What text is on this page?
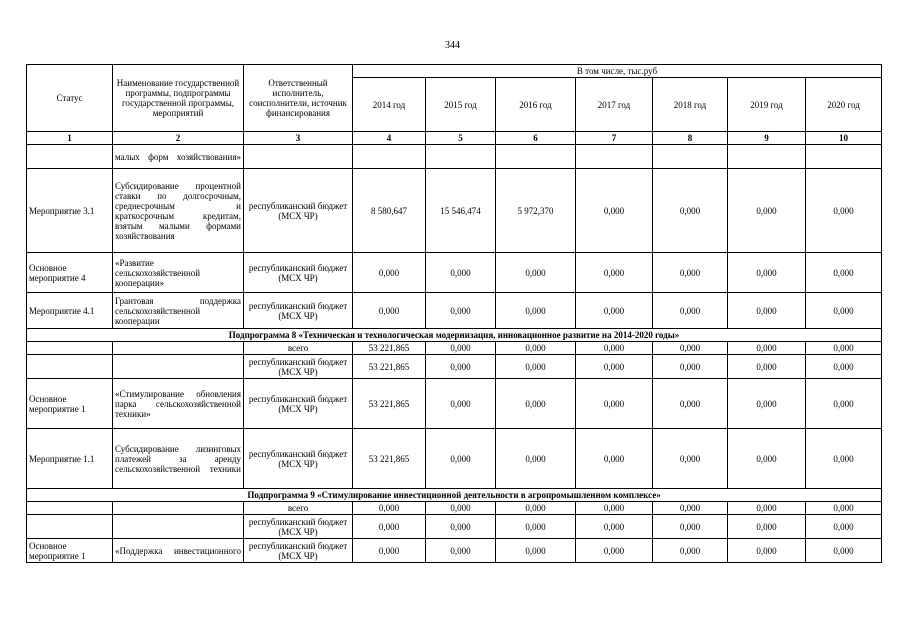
344
Статус	Наименование государственной программы, подпрограммы государственной программы, мероприятий	Ответственный исполнитель, соисполнители, источник финансирования	В том числе, тыс.руб						
			2014 год	2015 год	2016 год	2017 год	2018 год	2019 год	2020 год
1	2	3	4	5	6	7	8	9	10
	малых форм хозяйствования»								
Мероприятие 3.1	Субсидирование процентной ставки по долгосрочным, среднесрочным и краткосрочным кредитам, взятым малыми формами хозяйствования	республиканский бюджет (МСХ ЧР)	8 580,647	15 546,474	5 972,370	0,000	0,000	0,000	0,000
Основное мероприятие 4	«Развитие сельскохозяйственной кооперации»	республиканский бюджет (МСХ ЧР)	0,000	0,000	0,000	0,000	0,000	0,000	0,000
Мероприятие 4.1	Грантовая поддержка сельскохозяйственной кооперации	республиканский бюджет (МСХ ЧР)	0,000	0,000	0,000	0,000	0,000	0,000	0,000
Подпрограмма 8 «Техническая и технологическая модернизация, инновационное развитие на 2014-2020 годы»									
		всего	53 221,865	0,000	0,000	0,000	0,000	0,000	0,000
		республиканский бюджет (МСХ ЧР)	53 221,865	0,000	0,000	0,000	0,000	0,000	0,000
Основное мероприятие 1	«Стимулирование обновления парка сельскохозяйственной техники»	республиканский бюджет (МСХ ЧР)	53 221,865	0,000	0,000	0,000	0,000	0,000	0,000
Мероприятие 1.1	Субсидирование лизинговых платежей за аренду сельскохозяйственной техники	республиканский бюджет (МСХ ЧР)	53 221,865	0,000	0,000	0,000	0,000	0,000	0,000
Подпрограмма 9 «Стимулирование инвестиционной деятельности в агропромышленном комплексе»									
		всего	0,000	0,000	0,000	0,000	0,000	0,000	0,000
		республиканский бюджет (МСХ ЧР)	0,000	0,000	0,000	0,000	0,000	0,000	0,000
Основное мероприятие 1	«Поддержка инвестиционного	республиканский бюджет (МСХ ЧР)	0,000	0,000	0,000	0,000	0,000	0,000	0,000
